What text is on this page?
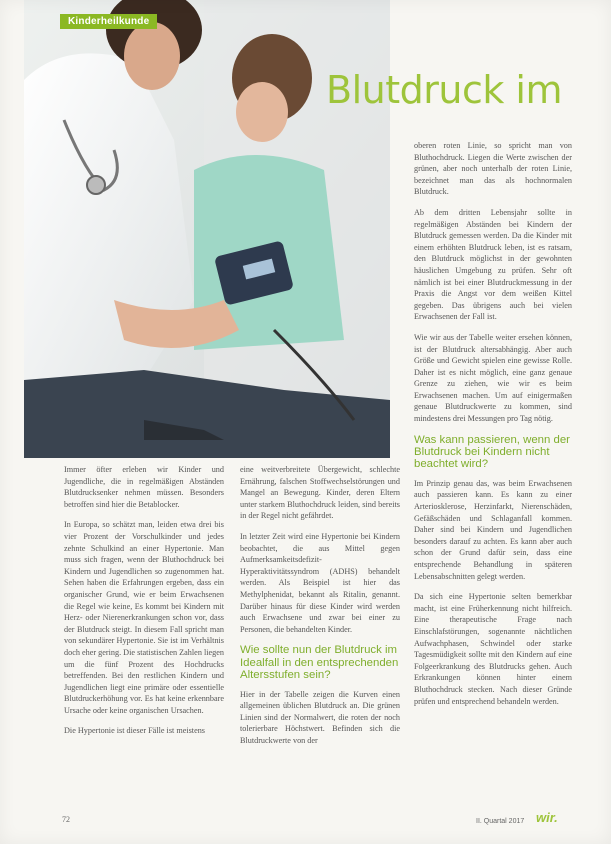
Kinderheilkunde
Blutdruck im

oberen roten Linie, so spricht man von Bluthochdruck. Liegen die Werte zwischen der grünen, aber noch unterhalb der roten Linie, bezeichnet man das als hochnormalen Blutdruck.

Ab dem dritten Lebensjahr sollte in regelmäßigen Abständen bei Kindern der Blutdruck gemessen werden. Da die Kinder mit einem erhöhten Blutdruck leben, ist es ratsam, den Blutdruck möglichst in der gewohnten häuslichen Umgebung zu prüfen. Sehr oft nämlich ist bei einer Blutdruckmessung in der Praxis die Angst vor dem weißen Kittel gegeben. Das übrigens auch bei vielen Erwachsenen der Fall ist.

Wie wir aus der Tabelle weiter ersehen können, ist der Blutdruck altersabhängig. Aber auch Größe und Gewicht spielen eine gewisse Rolle. Daher ist es nicht möglich, eine ganz genaue Grenze zu ziehen, wie wir es beim Erwachsenen machen. Um auf einigermaßen genaue Blutdruckwerte zu kommen, sind mindestens drei Messungen pro Tag nötig.

Was kann passieren, wenn der Blutdruck bei Kindern nicht beachtet wird?

Im Prinzip genau das, was beim Erwachsenen auch passieren kann. Es kann zu einer Arteriosklerose, Herzinfarkt, Nierenschäden, Gefäßschäden und Schlaganfall kommen. Daher sind bei Kindern und Jugendlichen besonders darauf zu achten. Es kann aber auch schon der Grund dafür sein, dass eine entsprechende Behandlung in späteren Lebensabschnitten gelegt werden.

Da sich eine Hypertonie selten bemerkbar macht, ist eine Früherkennung nicht hilfreich. Eine therapeutische Frage nach Einschlafstörungen, sogenannte nächtlichen Aufwachphasen, Schwindel oder starke Tagesmüdigkeit sollte mit den Kindern auf eine Folgeerkrankung des Blutdrucks gehen. Auch Erkrankungen können hinter einem Bluthochdruck stecken. Nach dieser Gründe prüfen und entsprechend behandeln werden.

Immer öfter erleben wir Kinder und Jugendliche, die in regelmäßigen Abständen Blutdrucksenker nehmen müssen. Besonders betroffen sind hier die Betablocker.

In Europa, so schätzt man, leiden etwa drei bis vier Prozent der Vorschulkinder und jedes zehnte Schulkind an einer Hypertonie. Man muss sich fragen, wenn der Bluthochdruck bei Kindern und Jugendlichen so zugenommen hat. Sehen haben die Erfahrungen ergeben, dass ein organischer Grund, wie er beim Erwachsenen die Regel wie keine, Es kommt bei Kindern mit Herz- oder Nierenerkrankungen schon vor, dass der Blutdruck steigt. In diesem Fall spricht man von sekundärer Hypertonie. Sie ist im Verhältnis doch eher gering. Die statistischen Zahlen liegen um die fünf Prozent des Hochdrucks betreffenden. Bei den restlichen Kindern und Jugendlichen liegt eine primäre oder essentielle Blutdruckerhöhung vor. Es hat keine erkennbare Ursache oder keine organischen Ursachen.

Die Hypertonie ist dieser Fälle ist meistens

eine weitverbreitete Übergewicht, schlechte Ernährung, falschen Stoffwechselstörungen und Mangel an Bewegung. Kinder, deren Eltern unter starkem Bluthochdruck leiden, sind bereits in der Regel nicht gefährdet.

In letzter Zeit wird eine Hypertonie bei Kindern beobachtet, die aus Mittel gegen Aufmerksamkeitsdefizit-Hyperaktivitätssyndrom (ADHS) behandelt werden. Als Beispiel ist hier das Methylphenidat, bekannt als Ritalin, genannt. Darüber hinaus für diese Kinder wird werden auch Erwachsene und zwar bei einer zu Personen, die behandelten Kinder.

Wie sollte nun der Blutdruck im Idealfall in den entsprechenden Altersstufen sein?

Hier in der Tabelle zeigen die Kurven einen allgemeinen üblichen Blutdruck an. Die grünen Linien sind der Normalwert, die roten der noch tolerierbare Höchstwert. Befinden sich die Blutdruckwerte von der

72	II. Quartal 2017 wir.
